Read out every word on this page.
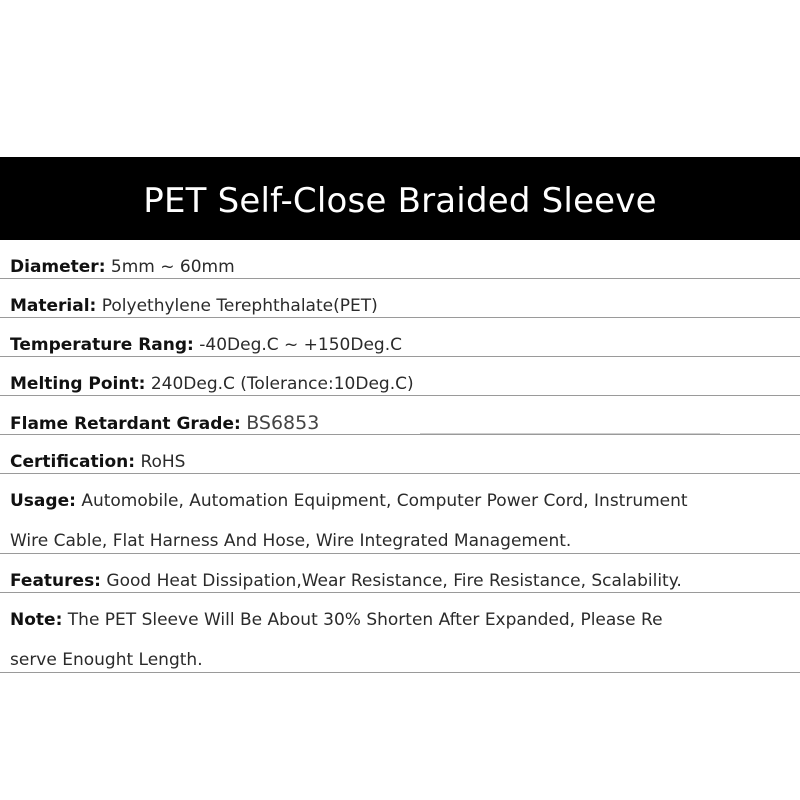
PET Self-Close Braided Sleeve
Diameter: 5mm ~ 60mm
Material: Polyethylene Terephthalate(PET)
Temperature Rang: -40Deg.C ~ +150Deg.C
Melting Point: 240Deg.C (Tolerance:10Deg.C)
Flame Retardant Grade: BS6853
Certification: RoHS
Usage: Automobile, Automation Equipment, Computer Power Cord, Instrument
Wire Cable, Flat Harness And Hose, Wire Integrated Management.
Features: Good Heat Dissipation,Wear Resistance, Fire Resistance, Scalability.
Note: The PET Sleeve Will Be About 30% Shorten After Expanded, Please Re
serve Enought Length.
